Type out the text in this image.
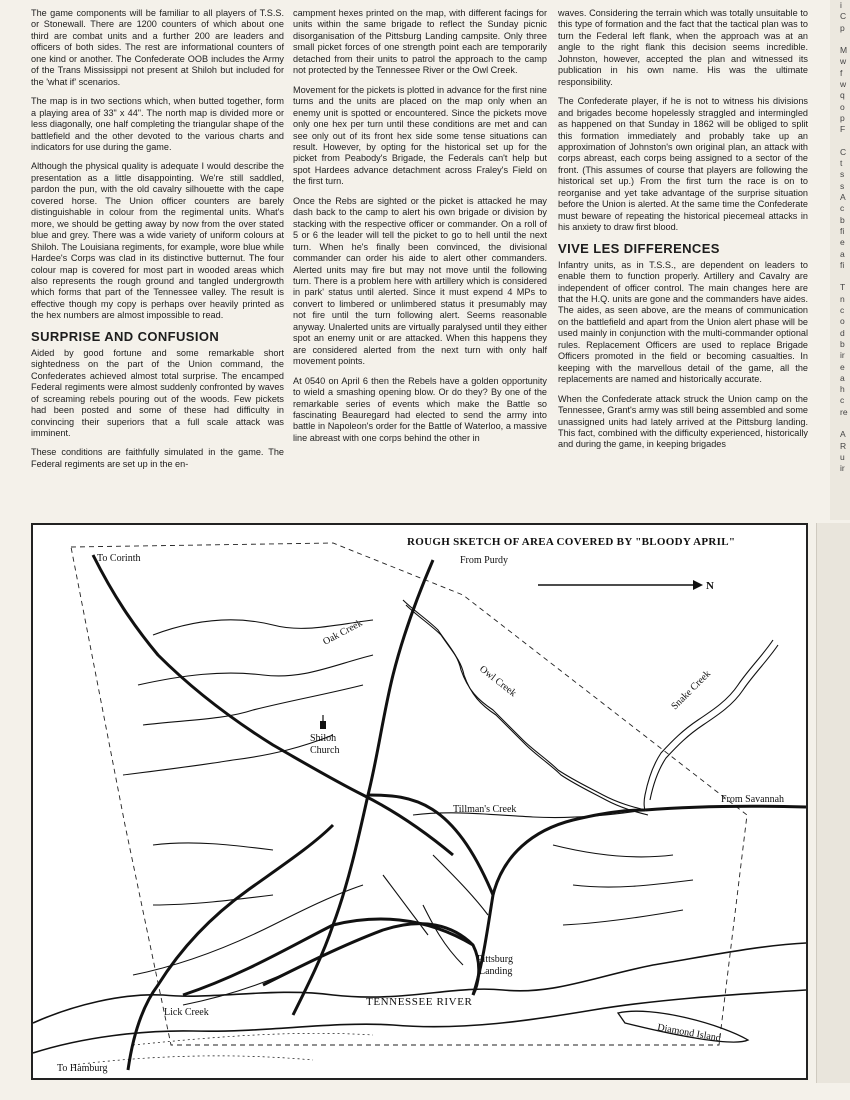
The game components will be familiar to all players of T.S.S. or Stonewall. There are 1200 counters of which about one third are combat units and a further 200 are leaders and officers of both sides. The rest are informational counters of one kind or another. The Confederate OOB includes the Army of the Trans Mississippi not present at Shiloh but included for the 'what if' scenarios.

The map is in two sections which, when butted together, form a playing area of 33" x 44". The north map is divided more or less diagonally, one half completing the triangular shape of the battlefield and the other devoted to the various charts and indicators for use during the game.

Although the physical quality is adequate I would describe the presentation as a little disappointing. We're still saddled, pardon the pun, with the old cavalry silhouette with the cape covered horse. The Union officer counters are barely distinguishable in colour from the regimental units. What's more, we should be getting away by now from the over stated blue and grey. There was a wide variety of uniform colours at Shiloh. The Louisiana regiments, for example, wore blue while Hardee's Corps was clad in its distinctive butternut. The four colour map is covered for most part in wooded areas which also represents the rough ground and tangled undergrowth which forms that part of the Tennessee valley. The result is effective though my copy is perhaps over heavily printed as the hex numbers are almost impossible to read.

SURPRISE AND CONFUSION

Aided by good fortune and some remarkable short sightedness on the part of the Union command, the Confederates achieved almost total surprise. The encamped Federal regiments were almost suddenly confronted by waves of screaming rebels pouring out of the woods. Few pickets had been posted and some of these had difficulty in convincing their superiors that a full scale attack was imminent.

These conditions are faithfully simulated in the game. The Federal regiments are set up in the en-

campment hexes printed on the map, with different facings for units within the same brigade to reflect the Sunday picnic disorganisation of the Pittsburg Landing campsite. Only three small picket forces of one strength point each are temporarily detached from their units to patrol the approach to the camp not protected by the Tennessee River or the Owl Creek.

Movement for the pickets is plotted in advance for the first nine turns and the units are placed on the map only when an enemy unit is spotted or encountered. Since the pickets move only one hex per turn until these conditions are met and can see only out of its front hex side some tense situations can result. However, by opting for the historical set up for the picket from Peabody's Brigade, the Federals can't help but spot Hardees advance detachment across Fraley's Field on the first turn.

Once the Rebs are sighted or the picket is attacked he may dash back to the camp to alert his own brigade or division by stacking with the respective officer or commander. On a roll of 5 or 6 the leader will tell the picket to go to hell until the next turn. When he's finally been convinced, the divisional commander can order his aide to alert other commanders. Alerted units may fire but may not move until the following turn. There is a problem here with artillery which is considered in park' status until alerted. Since it must expend 4 MPs to convert to limbered or unlimbered status it presumably may not fire until the turn following alert. Seems reasonable anyway. Unalerted units are virtually paralysed until they either spot an enemy unit or are attacked. When this happens they are considered alerted from the next turn with only half movement points.

At 0540 on April 6 then the Rebels have a golden opportunity to wield a smashing opening blow. Or do they? By one of the remarkable series of events which make the Battle so fascinating Beauregard had elected to send the army into battle in Napoleon's order for the Battle of Waterloo, a massive line abreast with one corps behind the other in

waves. Considering the terrain which was totally unsuitable to this type of formation and the fact that the tactical plan was to turn the Federal left flank, when the approach was at an angle to the right flank this decision seems incredible. Johnston, however, accepted the plan and witnessed its publication in his own name. His was the ultimate responsibility.

The Confederate player, if he is not to witness his divisions and brigades become hopelessly straggled and intermingled as happened on that Sunday in 1862 will be obliged to split this formation immediately and probably take up an approximation of Johnston's own original plan, an attack with corps abreast, each corps being assigned to a sector of the front. (This assumes of course that players are following the historical set up.) From the first turn the race is on to reorganise and yet take advantage of the surprise situation before the Union is alerted. At the same time the Confederate must beware of repeating the historical piecemeal attacks in his anxiety to draw first blood.

VIVE LES DIFFERENCES

Infantry units, as in T.S.S., are dependent on leaders to enable them to function properly. Artillery and Cavalry are independent of officer control. The main changes here are that the H.Q. units are gone and the commanders have aides. The aides, as seen above, are the means of communication on the battlefield and apart from the Union alert phase will be used mainly in conjunction with the multi-commander optional rules. Replacement Officers are used to replace Brigade Officers promoted in the field or becoming casualties. In keeping with the marvellous detail of the game, all the replacements are named and historically accurate.

When the Confederate attack struck the Union camp on the Tennessee, Grant's army was still being assembled and some unassigned units had lately arrived at the Pittsburg landing. This fact, combined with the difficulty experienced, historically and during the game, in keeping brigades

i
C
p

M
w
f
w
q
o
p
F

C
t
s
s
A
c
b
fi
e
a
fi

T
n
c
o
d
b
ir
e
a
h
c
re

A
R
u
ir
ROUGH SKETCH OF AREA COVERED BY "BLOODY APRIL"
N
To Corinth	From Purdy
Oak Creek
Owl Creek	Snake Creek
Shiloh
Church
From Savannah
Tillman's Creek
Pittsburg
Landing
TENNESSEE RIVER
Lick Creek
Diamond Island
To Hamburg
